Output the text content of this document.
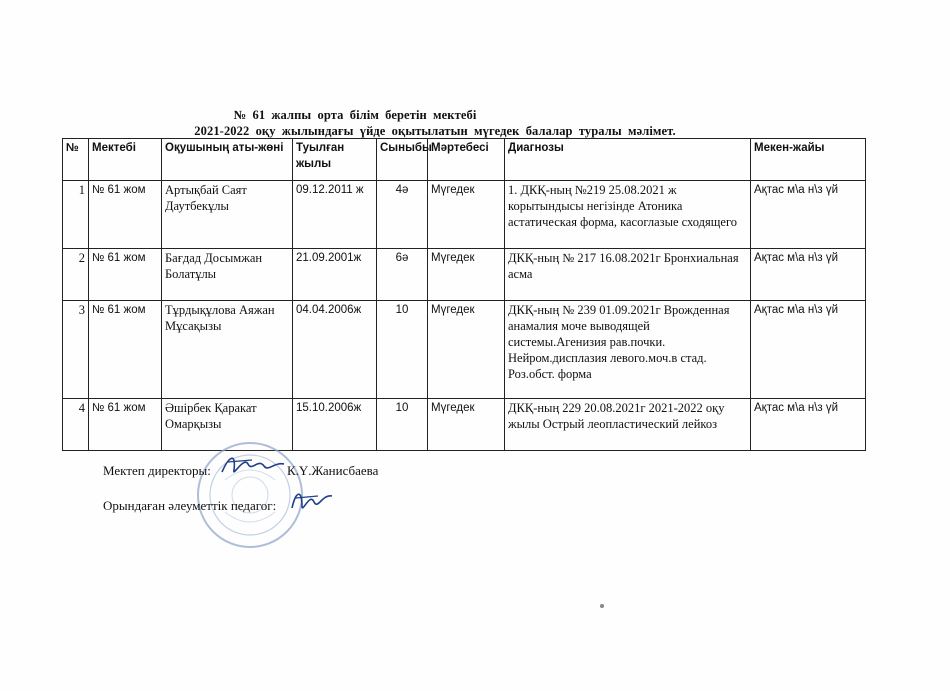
№ 61 жалпы орта білім беретін мектебі
2021-2022 оқу жылындағы үйде оқытылатын мүгедек балалар туралы мәлімет.
№	Мектебі	Оқушының аты-жөні	Туылған жылы	Сыныбы	Мәртебесі	Диагнозы	Мекен-жайы
1	№ 61 жом	Артықбай Саят Даутбекұлы	09.12.2011 ж	4ә	Мүгедек	1. ДКҚ-ның №219 25.08.2021 ж корытындысы негізінде Атоника астатическая форма, касоглазые сходящего	Ақтас м\а н\з үй
2	№ 61 жом	Бағдад Досымжан Болатұлы	21.09.2001ж	6ә	Мүгедек	ДКҚ-ның № 217 16.08.2021г Бронхиальная асма	Ақтас м\а н\з үй
3	№ 61 жом	Тұрдықұлова Аяжан Мұсақызы	04.04.2006ж	10	Мүгедек	ДКҚ-ның № 239 01.09.2021г Врожденная анамалия моче выводящей системы.Агенизия рав.почки. Нейром.дисплазия левого.моч.в стад. Роз.обст. форма	Ақтас м\а н\з үй
4	№ 61 жом	Әшірбек Қаракат Омарқызы	15.10.2006ж	10	Мүгедек	ДКҚ-ның 229 20.08.2021г 2021-2022 оқу жылы Острый леопластический лейкоз	Ақтас м\а н\з үй
Мектеп директоры:	К.Ү.Жанисбаева
Орындаған әлеуметтік педагог:
